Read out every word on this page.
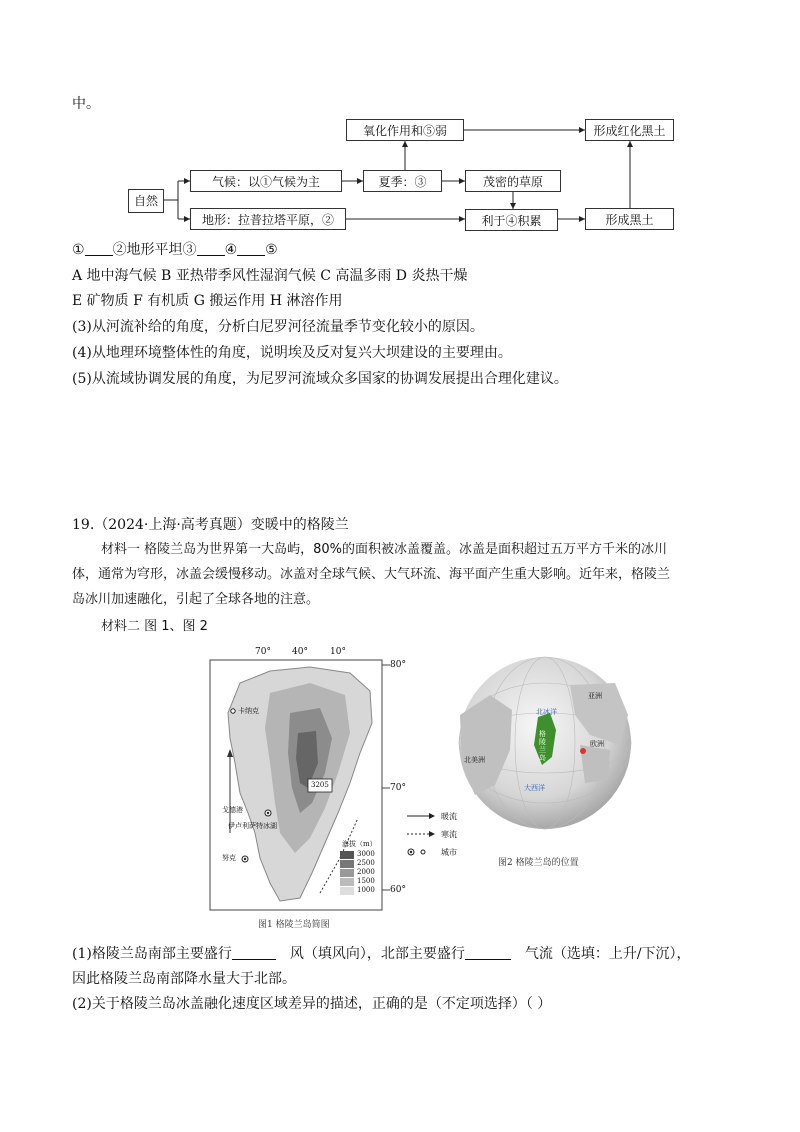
中。
自然
气候：以①气候为主
地形：拉普拉塔平原，②
夏季：③	茂密的草原
利于④积累
氧化作用和⑤弱	形成红化黑土
形成黑土
① ②地形平坦③ ④ ⑤
A 地中海气候 B 亚热带季风性湿润气候 C 高温多雨 D 炎热干燥
E 矿物质 F 有机质 G 搬运作用 H 淋溶作用
(3)从河流补给的角度，分析白尼罗河径流量季节变化较小的原因。
(4)从地理环境整体性的角度，说明埃及反对复兴大坝建设的主要理由。
(5)从流域协调发展的角度，为尼罗河流域众多国家的协调发展提出合理化建议。
19.（2024·上海·高考真题）变暖中的格陵兰
材料一 格陵兰岛为世界第一大岛屿，80%的面积被冰盖覆盖。冰盖是面积超过五万平方千米的冰川
体，通常为穹形，冰盖会缓慢移动。冰盖对全球气候、大气环流、海平面产生重大影响。近年来，格陵兰
岛冰川加速融化，引起了全球各地的注意。
材料二 图 1、图 2
70° 40° 10°
80°
70°
60°
卡纳克
戈德港
伊卢利萨特冰湖
努克
3205
海拔（m）
3000
2500
2000
1500
1000
图1 格陵兰岛简图
暖流
寒流
城市
亚洲
北冰洋
格陵兰岛
北美洲
欧洲
大西洋
图2 格陵兰岛的位置
(1)格陵兰岛南部主要盛行	风（填风向），北部主要盛行	气流（选填：上升/下沉），
因此格陵兰岛南部降水量大于北部。
(2)关于格陵兰岛冰盖融化速度区域差异的描述，正确的是（不定项选择）（ ）
